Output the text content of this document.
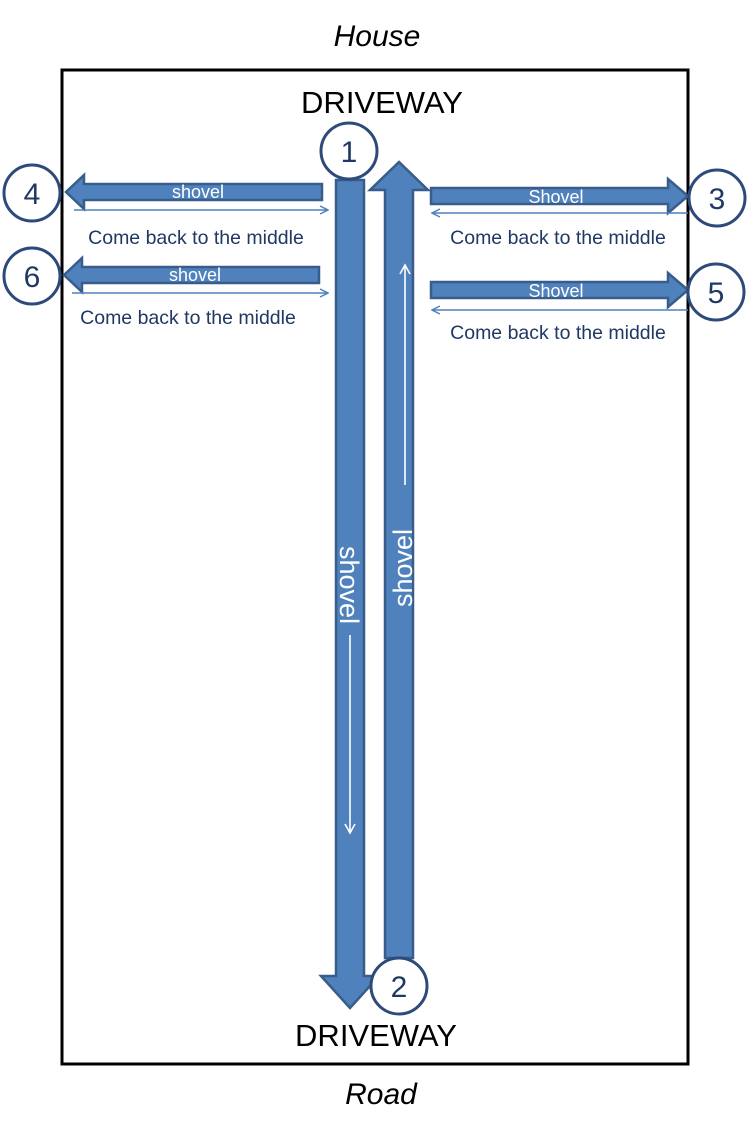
House
Road
DRIVEWAY
DRIVEWAY
shovel shovel
shovel
Come back to the middle
shovel
Come back to the middle
Shovel
Come back to the middle
Shovel
Come back to the middle
1
2
3
4
5
6
